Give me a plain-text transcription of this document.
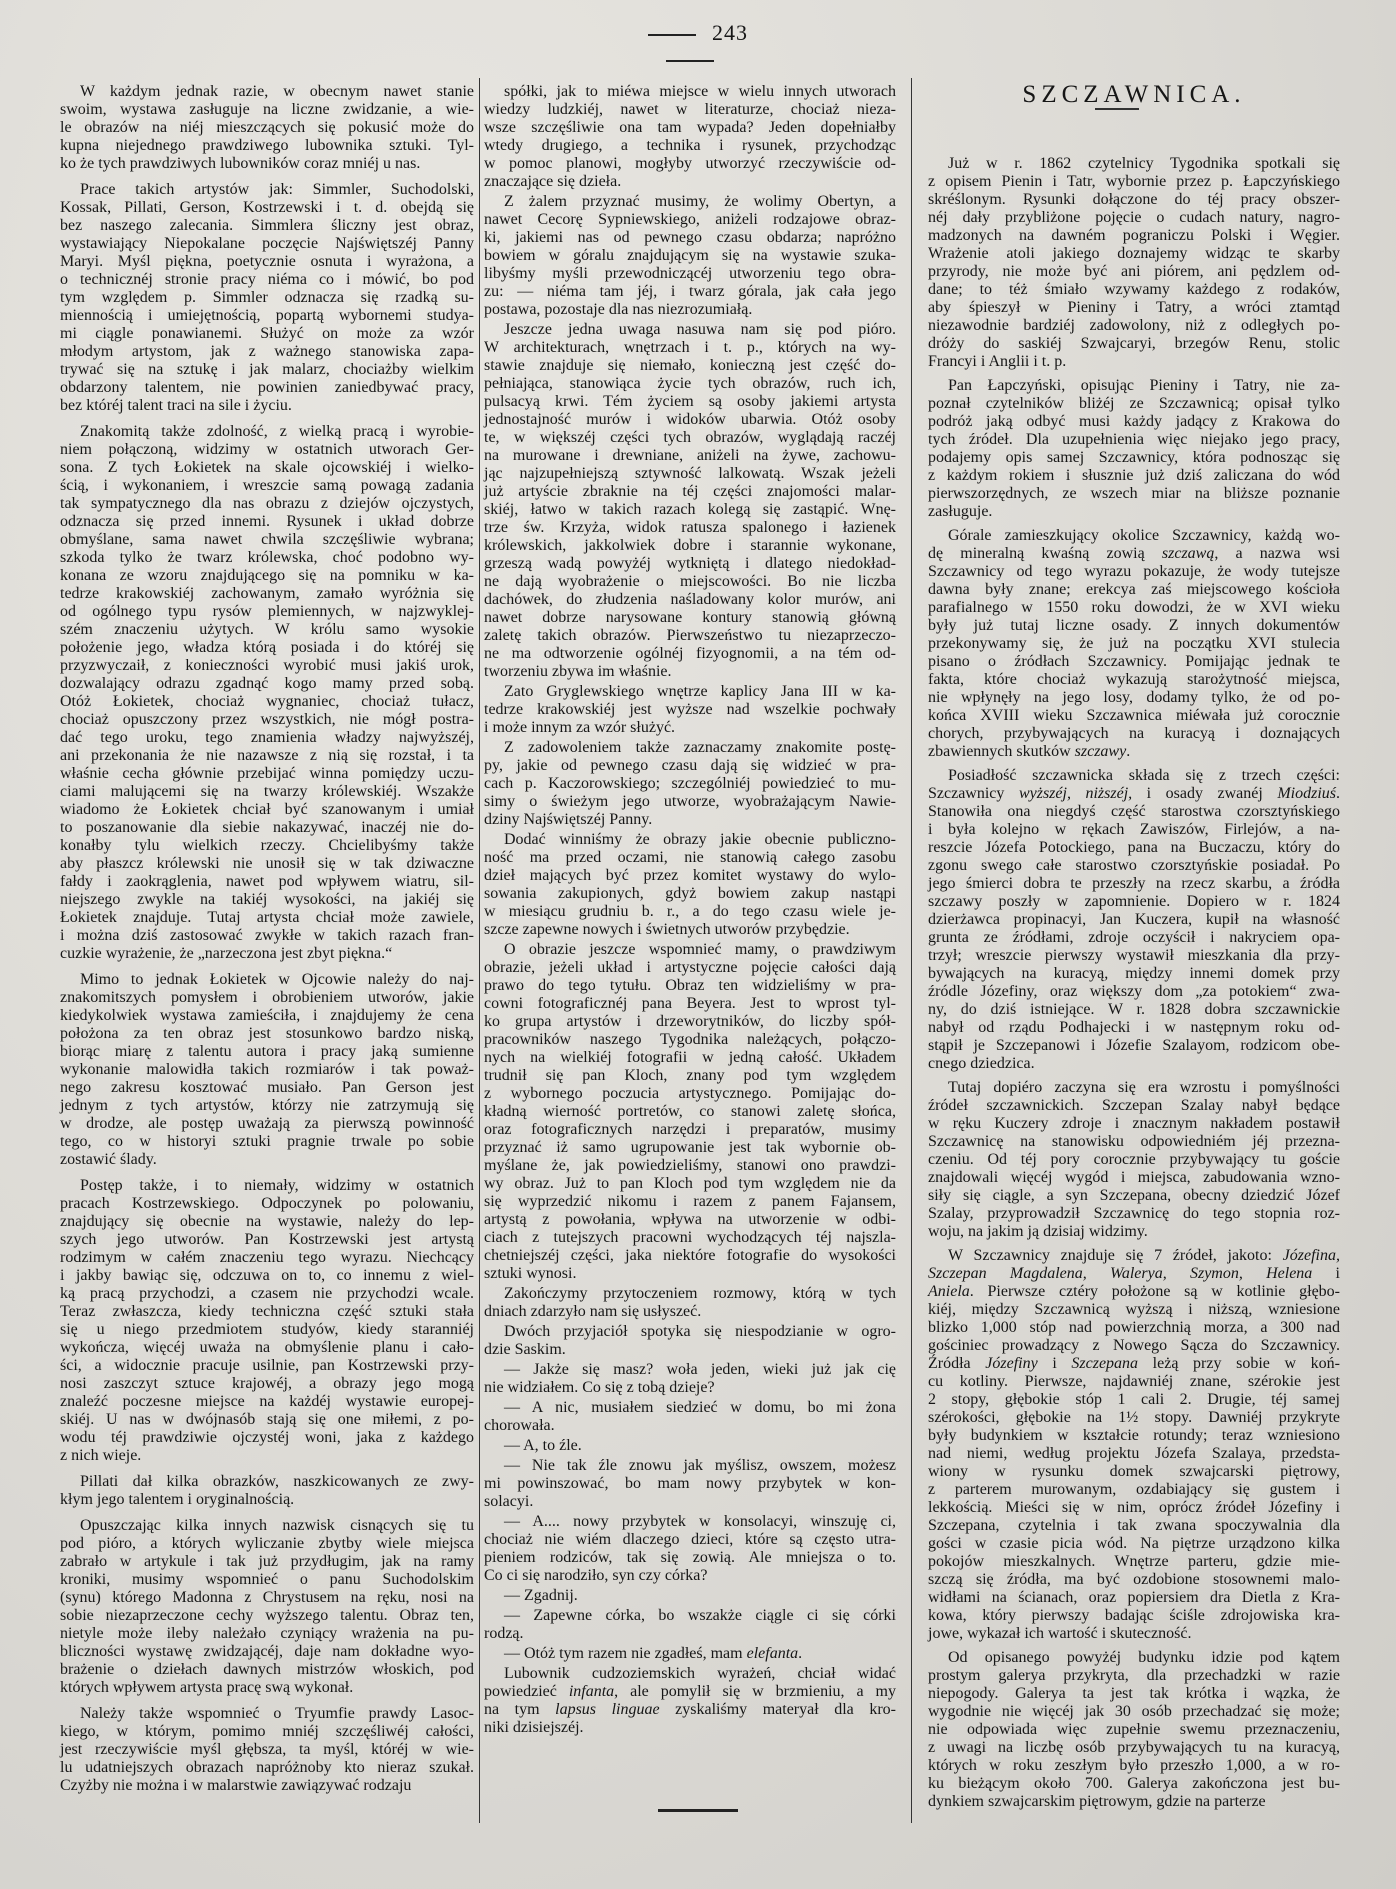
243
W każdym jednak razie, w obecnym nawet stanie
swoim, wystawa zasługuje na liczne zwidzanie, a wie-
le obrazów na niéj mieszczących się pokusić może do
kupna niejednego prawdziwego lubownika sztuki. Tyl-
ko że tych prawdziwych lubowników coraz mniéj u nas.
Prace takich artystów jak: Simmler, Suchodolski,
Kossak, Pillati, Gerson, Kostrzewski i t. d. obejdą się
bez naszego zalecania. Simmlera śliczny jest obraz,
wystawiający Niepokalane poczęcie Najświętszéj Panny
Maryi. Myśl piękna, poetycznie osnuta i wyrażona, a
o technicznéj stronie pracy niéma co i mówić, bo pod
tym względem p. Simmler odznacza się rzadką su-
miennością i umiejętnością, popartą wybornemi studya-
mi ciągle ponawianemi. Służyć on może za wzór
młodym artystom, jak z ważnego stanowiska zapa-
trywać się na sztukę i jak malarz, chociażby wielkim
obdarzony talentem, nie powinien zaniedbywać pracy,
bez któréj talent traci na sile i życiu.
Znakomitą także zdolność, z wielką pracą i wyrobie-
niem połączoną, widzimy w ostatnich utworach Ger-
sona. Z tych Łokietek na skale ojcowskiéj i wielko-
ścią, i wykonaniem, i wreszcie samą powagą zadania
tak sympatycznego dla nas obrazu z dziejów ojczystych,
odznacza się przed innemi. Rysunek i układ dobrze
obmyślane, sama nawet chwila szczęśliwie wybrana;
szkoda tylko że twarz królewska, choć podobno wy-
konana ze wzoru znajdującego się na pomniku w ka-
tedrze krakowskiéj zachowanym, zamało wyróżnia się
od ogólnego typu rysów plemiennych, w najzwyklej-
szém znaczeniu użytych. W królu samo wysokie
położenie jego, władza którą posiada i do któréj się
przyzwyczaił, z konieczności wyrobić musi jakiś urok,
dozwalający odrazu zgadnąć kogo mamy przed sobą.
Otóż Łokietek, chociaż wygnaniec, chociaż tułacz,
chociaż opuszczony przez wszystkich, nie mógł postra-
dać tego uroku, tego znamienia władzy najwyższéj,
ani przekonania że nie nazawsze z nią się rozstał, i ta
właśnie cecha głównie przebijać winna pomiędzy uczu-
ciami malującemi się na twarzy królewskiéj. Wszakże
wiadomo że Łokietek chciał być szanowanym i umiał
to poszanowanie dla siebie nakazywać, inaczéj nie do-
konałby tylu wielkich rzeczy. Chcielibyśmy także
aby płaszcz królewski nie unosił się w tak dziwaczne
fałdy i zaokrąglenia, nawet pod wpływem wiatru, sil-
niejszego zwykle na takiéj wysokości, na jakiéj się
Łokietek znajduje. Tutaj artysta chciał może zawiele,
i można dziś zastosować zwykłe w takich razach fran-
cuzkie wyrażenie, że „narzeczona jest zbyt piękna.“
Mimo to jednak Łokietek w Ojcowie należy do naj-
znakomitszych pomysłem i obrobieniem utworów, jakie
kiedykolwiek wystawa zamieściła, i znajdujemy że cena
położona za ten obraz jest stosunkowo bardzo niską,
biorąc miarę z talentu autora i pracy jaką sumienne
wykonanie malowidła takich rozmiarów i tak poważ-
nego zakresu kosztować musiało. Pan Gerson jest
jednym z tych artystów, którzy nie zatrzymują się
w drodze, ale postęp uważają za pierwszą powinność
tego, co w historyi sztuki pragnie trwale po sobie
zostawić ślady.
Postęp także, i to niemały, widzimy w ostatnich
pracach Kostrzewskiego. Odpoczynek po polowaniu,
znajdujący się obecnie na wystawie, należy do lep-
szych jego utworów. Pan Kostrzewski jest artystą
rodzimym w całém znaczeniu tego wyrazu. Niechcący
i jakby bawiąc się, odczuwa on to, co innemu z wiel-
ką pracą przychodzi, a czasem nie przychodzi wcale.
Teraz zwłaszcza, kiedy techniczna część sztuki stała
się u niego przedmiotem studyów, kiedy staranniéj
wykończa, więcéj uważa na obmyślenie planu i cało-
ści, a widocznie pracuje usilnie, pan Kostrzewski przy-
nosi zaszczyt sztuce krajowéj, a obrazy jego mogą
znaleźć poczesne miejsce na każdéj wystawie europej-
skiéj. U nas w dwójnasób stają się one miłemi, z po-
wodu téj prawdziwie ojczystéj woni, jaka z każdego
z nich wieje.
Pillati dał kilka obrazków, naszkicowanych ze zwy-
kłym jego talentem i oryginalnością.
Opuszczając kilka innych nazwisk cisnących się tu
pod pióro, a których wyliczanie zbytby wiele miejsca
zabrało w artykule i tak już przydługim, jak na ramy
kroniki, musimy wspomnieć o panu Suchodolskim
(synu) którego Madonna z Chrystusem na ręku, nosi na
sobie niezaprzeczone cechy wyższego talentu. Obraz ten,
nietyle może ileby należało czyniący wrażenia na pu-
bliczności wystawę zwidzającéj, daje nam dokładne wyo-
brażenie o dziełach dawnych mistrzów włoskich, pod
których wpływem artysta pracę swą wykonał.
Należy także wspomnieć o Tryumfie prawdy Lasoc-
kiego, w którym, pomimo mniéj szczęśliwéj całości,
jest rzeczywiście myśl głębsza, ta myśl, któréj w wie-
lu udatniejszych obrazach napróżnoby kto nieraz szukał.
Czyżby nie można i w malarstwie zawiązywać rodzaju
spółki, jak to miéwa miejsce w wielu innych utworach
wiedzy ludzkiéj, nawet w literaturze, chociaż nieza-
wsze szczęśliwie ona tam wypada? Jeden dopełniałby
wtedy drugiego, a technika i rysunek, przychodząc
w pomoc planowi, mogłyby utworzyć rzeczywiście od-
znaczające się dzieła.
Z żalem przyznać musimy, że wolimy Obertyn, a
nawet Cecorę Sypniewskiego, aniżeli rodzajowe obraz-
ki, jakiemi nas od pewnego czasu obdarza; napróżno
bowiem w góralu znajdującym się na wystawie szuka-
libyśmy myśli przewodniczącéj utworzeniu tego obra-
zu: — niéma tam jéj, i twarz górala, jak cała jego
postawa, pozostaje dla nas niezrozumiałą.
Jeszcze jedna uwaga nasuwa nam się pod pióro.
W architekturach, wnętrzach i t. p., których na wy-
stawie znajduje się niemało, konieczną jest część do-
pełniająca, stanowiąca życie tych obrazów, ruch ich,
pulsacyą krwi. Tém życiem są osoby jakiemi artysta
jednostajność murów i widoków ubarwia. Otóż osoby
te, w większéj części tych obrazów, wyglądają raczéj
na murowane i drewniane, aniżeli na żywe, zachowu-
jąc najzupełniejszą sztywność lalkowatą. Wszak jeżeli
już artyście zbraknie na téj części znajomości malar-
skiéj, łatwo w takich razach kolegą się zastąpić. Wnę-
trze św. Krzyża, widok ratusza spalonego i łazienek
królewskich, jakkolwiek dobre i starannie wykonane,
grzeszą wadą powyżéj wytkniętą i dlatego niedokład-
ne dają wyobrażenie o miejscowości. Bo nie liczba
dachówek, do złudzenia naśladowany kolor murów, ani
nawet dobrze narysowane kontury stanowią główną
zaletę takich obrazów. Pierwszeństwo tu niezaprzeczo-
ne ma odtworzenie ogólnéj fizyognomii, a na tém od-
tworzeniu zbywa im właśnie.
Zato Gryglewskiego wnętrze kaplicy Jana III w ka-
tedrze krakowskiéj jest wyższe nad wszelkie pochwały
i może innym za wzór służyć.
Z zadowoleniem także zaznaczamy znakomite postę-
py, jakie od pewnego czasu dają się widzieć w pra-
cach p. Kaczorowskiego; szczególniéj powiedzieć to mu-
simy o świeżym jego utworze, wyobrażającym Nawie-
dziny Najświętszéj Panny.
Dodać winniśmy że obrazy jakie obecnie publiczno-
ność ma przed oczami, nie stanowią całego zasobu
dzieł mających być przez komitet wystawy do wylo-
sowania zakupionych, gdyż bowiem zakup nastąpi
w miesiącu grudniu b. r., a do tego czasu wiele je-
szcze zapewne nowych i świetnych utworów przybędzie.
O obrazie jeszcze wspomnieć mamy, o prawdziwym
obrazie, jeżeli układ i artystyczne pojęcie całości dają
prawo do tego tytułu. Obraz ten widzieliśmy w pra-
cowni fotograficznéj pana Beyera. Jest to wprost tyl-
ko grupa artystów i drzeworytników, do liczby spół-
pracowników naszego Tygodnika należących, połączo-
nych na wielkiéj fotografii w jedną całość. Układem
trudnił się pan Kloch, znany pod tym względem
z wybornego poczucia artystycznego. Pomijając do-
kładną wierność portretów, co stanowi zaletę słońca,
oraz fotograficznych narzędzi i preparatów, musimy
przyznać iż samo ugrupowanie jest tak wybornie ob-
myślane że, jak powiedzieliśmy, stanowi ono prawdzi-
wy obraz. Już to pan Kloch pod tym względem nie da
się wyprzedzić nikomu i razem z panem Fajansem,
artystą z powołania, wpływa na utworzenie w odbi-
ciach z tutejszych pracowni wychodzących téj najszla-
chetniejszéj części, jaka niektóre fotografie do wysokości
sztuki wynosi.
Zakończymy przytoczeniem rozmowy, którą w tych
dniach zdarzyło nam się usłyszeć.
Dwóch przyjaciół spotyka się niespodzianie w ogro-
dzie Saskim.
— Jakże się masz? woła jeden, wieki już jak cię
nie widziałem. Co się z tobą dzieje?
— A nic, musiałem siedzieć w domu, bo mi żona
chorowała.
— A, to źle.
— Nie tak źle znowu jak myślisz, owszem, możesz
mi powinszować, bo mam nowy przybytek w kon-
solacyi.
— A.... nowy przybytek w konsolacyi, winszuję ci,
chociaż nie wiém dlaczego dzieci, które są często utra-
pieniem rodziców, tak się zowią. Ale mniejsza o to.
Co ci się narodziło, syn czy córka?
— Zgadnij.
— Zapewne córka, bo wszakże ciągle ci się córki
rodzą.
— Otóż tym razem nie zgadłeś, mam elefanta.
Lubownik cudzoziemskich wyrażeń, chciał widać
powiedzieć infanta, ale pomylił się w brzmieniu, a my
na tym lapsus linguae zyskaliśmy materyał dla kro-
niki dzisiejszéj.
SZCZAWNICA.
Już w r. 1862 czytelnicy Tygodnika spotkali się
z opisem Pienin i Tatr, wybornie przez p. Łapczyńskiego
skréślonym. Rysunki dołączone do téj pracy obszer-
néj dały przybliżone pojęcie o cudach natury, nagro-
madzonych na dawném pograniczu Polski i Węgier.
Wrażenie atoli jakiego doznajemy widząc te skarby
przyrody, nie może być ani piórem, ani pędzlem od-
dane; to téż śmiało wzywamy każdego z rodaków,
aby śpieszył w Pieniny i Tatry, a wróci ztamtąd
niezawodnie bardziéj zadowolony, niż z odległych po-
dróży do saskiéj Szwajcaryi, brzegów Renu, stolic
Francyi i Anglii i t. p.
Pan Łapczyński, opisując Pieniny i Tatry, nie za-
poznał czytelników bliżéj ze Szczawnicą; opisał tylko
podróż jaką odbyć musi każdy jadący z Krakowa do
tych źródeł. Dla uzupełnienia więc niejako jego pracy,
podajemy opis samej Szczawnicy, która podnosząc się
z każdym rokiem i słusznie już dziś zaliczana do wód
pierwszorzędnych, ze wszech miar na bliższe poznanie
zasługuje.
Górale zamieszkujący okolice Szczawnicy, każdą wo-
dę mineralną kwaśną zowią szczawą, a nazwa wsi
Szczawnicy od tego wyrazu pokazuje, że wody tutejsze
dawna były znane; erekcya zaś miejscowego kościoła
parafialnego w 1550 roku dowodzi, że w XVI wieku
były już tutaj liczne osady. Z innych dokumentów
przekonywamy się, że już na początku XVI stulecia
pisano o źródłach Szczawnicy. Pomijając jednak te
fakta, które chociaż wykazują starożytność miejsca,
nie wpłynęły na jego losy, dodamy tylko, że od po-
końca XVIII wieku Szczawnica miéwała już corocznie
chorych, przybywających na kuracyą i doznających
zbawiennych skutków szczawy.
Posiadłość szczawnicka składa się z trzech części:
Szczawnicy wyższéj, niższéj, i osady zwanéj Miodziuś.
Stanowiła ona niegdyś część starostwa czorsztyńskiego
i była kolejno w rękach Zawiszów, Firlejów, a na-
reszcie Józefa Potockiego, pana na Buczaczu, który do
zgonu swego całe starostwo czorsztyńskie posiadał. Po
jego śmierci dobra te przeszły na rzecz skarbu, a źródła
szczawy poszły w zapomnienie. Dopiero w r. 1824
dzierżawca propinacyi, Jan Kuczera, kupił na własność
grunta ze źródłami, zdroje oczyścił i nakryciem opa-
trzył; wreszcie pierwszy wystawił mieszkania dla przy-
bywających na kuracyą, między innemi domek przy
źródle Józefiny, oraz większy dom „za potokiem“ zwa-
ny, do dziś istniejące. W r. 1828 dobra szczawnickie
nabył od rządu Podhajecki i w następnym roku od-
stąpił je Szczepanowi i Józefie Szalayom, rodzicom obe-
cnego dziedzica.
Tutaj dopiéro zaczyna się era wzrostu i pomyślności
źródeł szczawnickich. Szczepan Szalay nabył będące
w ręku Kuczery zdroje i znacznym nakładem postawił
Szczawnicę na stanowisku odpowiedniém jéj przezna-
czeniu. Od téj pory corocznie przybywający tu goście
znajdowali więcéj wygód i miejsca, zabudowania wzno-
siły się ciągle, a syn Szczepana, obecny dziedzić Józef
Szalay, przyprowadził Szczawnicę do tego stopnia roz-
woju, na jakim ją dzisiaj widzimy.
W Szczawnicy znajduje się 7 źródeł, jakoto: Józefina,
Szczepan Magdalena, Walerya, Szymon, Helena i
Aniela. Pierwsze cztéry położone są w kotlinie głębo-
kiéj, między Szczawnicą wyższą i niższą, wzniesione
blizko 1,000 stóp nad powierzchnią morza, a 300 nad
gościniec prowadzący z Nowego Sącza do Szczawnicy.
Źródła Józefiny i Szczepana leżą przy sobie w koń-
cu kotliny. Pierwsze, najdawniéj znane, szérokie jest
2 stopy, głębokie stóp 1 cali 2. Drugie, téj samej
szérokości, głębokie na 1½ stopy. Dawniéj przykryte
były budynkiem w kształcie rotundy; teraz wzniesiono
nad niemi, według projektu Józefa Szalaya, przedsta-
wiony w rysunku domek szwajcarski piętrowy,
z parterem murowanym, ozdabiający się gustem i
lekkością. Mieści się w nim, oprócz źródeł Józefiny i
Szczepana, czytelnia i tak zwana spoczywalnia dla
gości w czasie picia wód. Na piętrze urządzono kilka
pokojów mieszkalnych. Wnętrze parteru, gdzie mie-
szczą się źródła, ma być ozdobione stosownemi malo-
widłami na ścianach, oraz popiersiem dra Dietla z Kra-
kowa, który pierwszy badając ściśle zdrojowiska kra-
jowe, wykazał ich wartość i skuteczność.
Od opisanego powyżéj budynku idzie pod kątem
prostym galerya przykryta, dla przechadzki w razie
niepogody. Galerya ta jest tak krótka i wązka, że
wygodnie nie więcéj jak 30 osób przechadzać się może;
nie odpowiada więc zupełnie swemu przeznaczeniu,
z uwagi na liczbę osób przybywających tu na kuracyą,
których w roku zeszłym było przeszło 1,000, a w ro-
ku bieżącym około 700. Galerya zakończona jest bu-
dynkiem szwajcarskim piętrowym, gdzie na parterze
